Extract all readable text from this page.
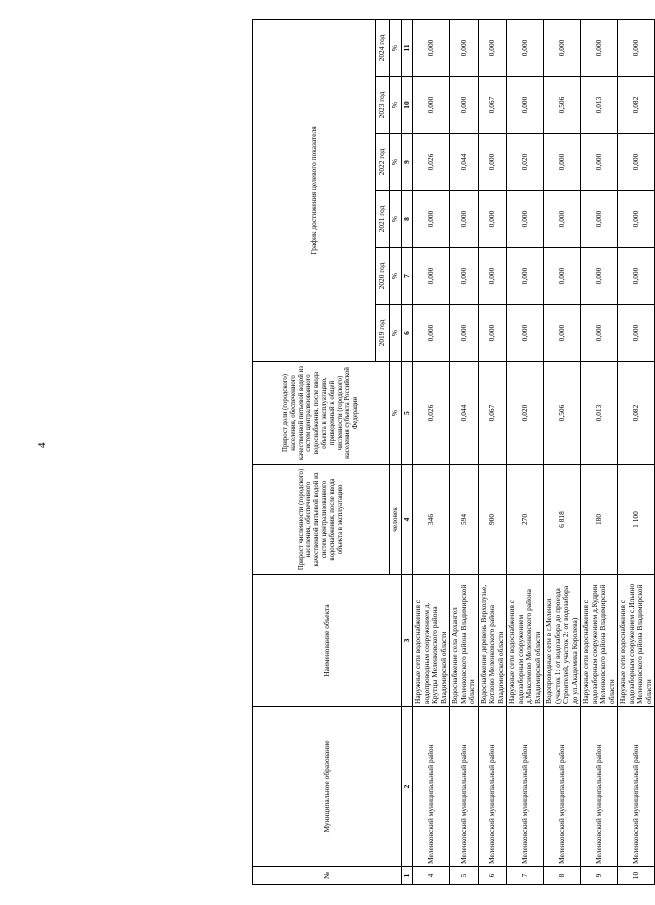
4
№	Муниципальное образование	Наименование объекта	Прирост численности (городского) населения, обеспеченного качественной питьевой водой из систем централизованного водоснабжения, после ввода объекта в эксплуатацию	Прирост доли (городского) населения, обеспеченного качественной питьевой водой из систем централизованного водоснабжения, после ввода объекта в эксплуатацию, приведенный к общей численности (городского) населения субъекта Российской Федерации	График достижения целевого показателя					
					2019 год	2020 год	2021 год	2022 год	2023 год	2024 год
			человек	%	%	%	%	%	%	%
1	2	3	4	5	6	7	8	9	10	11
4	Меленковский муниципальный район	Наружные сети водоснабжения с водопроводным сооружением д. Крутцы Меленковского района Владимирской области	346	0,026	0,000	0,000	0,000	0,026	0,000	0,000
5	Меленковский муниципальный район	Водоснабжение села Архангел Меленковского района Владимирской области	594	0,044	0,000	0,000	0,000	0,044	0,000	0,000
6	Меленковский муниципальный район	Водоснабжение деревень Верхолузье, Котлово Меленковского района Владимирской области	900	0,067	0,000	0,000	0,000	0,000	0,067	0,000
7	Меленковский муниципальный район	Наружные сети водоснабжения с водозаборным сооружением д.Максимово Меленковского района Владимирской области	270	0,020	0,000	0,000	0,000	0,020	0,000	0,000
8	Меленковский муниципальный район	Водопроводные сети в г.Меленки (участок 1: от водозабора до проезда Строителей, участок 2: от водозабора до ул.Академика Королева)	6 818	0,506	0,000	0,000	0,000	0,000	0,506	0,000
9	Меленковский муниципальный район	Наружные сети водоснабжения с водозаборным сооружением д.Кудрин Меленковского района Владимирской области	180	0,013	0,000	0,000	0,000	0,000	0,013	0,000
10	Меленковский муниципальный район	Наружные сети водоснабжения с водозаборным сооружением с.Ильино Меленковского района Владимирской области	1 100	0,082	0,000	0,000	0,000	0,000	0,082	0,000
